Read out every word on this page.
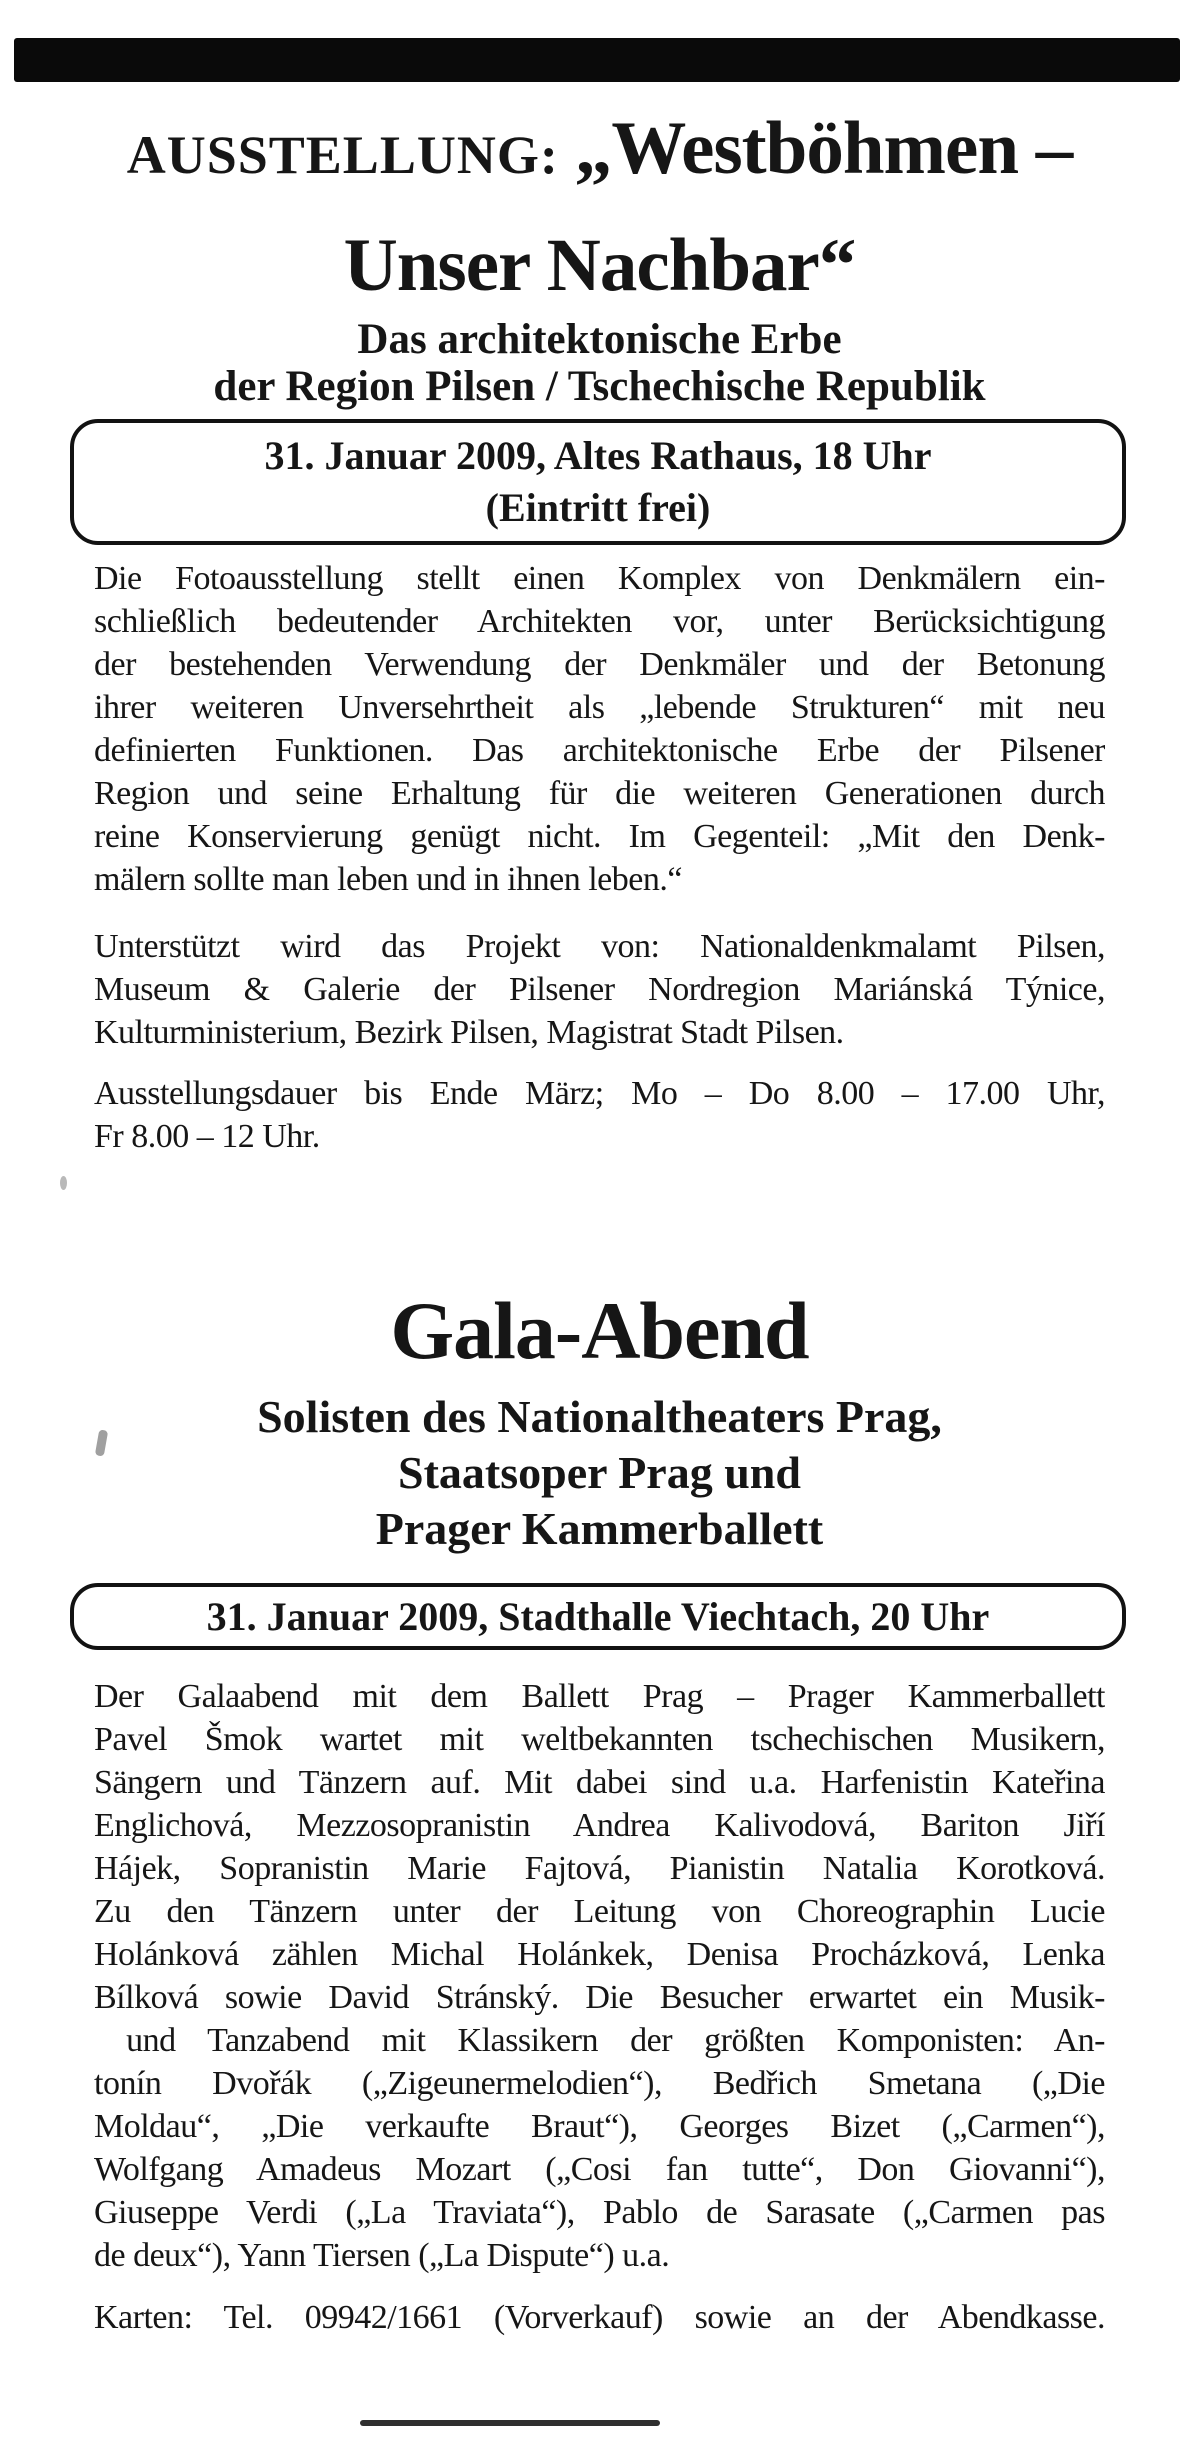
AUSSTELLUNG: „Westböhmen –
Unser Nachbar“
Das architektonische Erbe
der Region Pilsen / Tschechische Republik
31. Januar 2009, Altes Rathaus, 18 Uhr
(Eintritt frei)
Die Fotoausstellung stellt einen Komplex von Denkmälern ein-
schließlich bedeutender Architekten vor, unter Berücksichtigung
der bestehenden Verwendung der Denkmäler und der Betonung
ihrer weiteren Unversehrtheit als „lebende Strukturen“ mit neu
definierten Funktionen. Das architektonische Erbe der Pilsener
Region und seine Erhaltung für die weiteren Generationen durch
reine Konservierung genügt nicht. Im Gegenteil: „Mit den Denk-
mälern sollte man leben und in ihnen leben.“
Unterstützt wird das Projekt von: Nationaldenkmalamt Pilsen,
Museum & Galerie der Pilsener Nordregion Mariánská Týnice,
Kulturministerium, Bezirk Pilsen, Magistrat Stadt Pilsen.
Ausstellungsdauer bis Ende März; Mo – Do 8.00 – 17.00 Uhr,
Fr 8.00 – 12 Uhr.
Gala-Abend
Solisten des Nationaltheaters Prag,
Staatsoper Prag und
Prager Kammerballett
31. Januar 2009, Stadthalle Viechtach, 20 Uhr
Der Galaabend mit dem Ballett Prag – Prager Kammerballett
Pavel Šmok wartet mit weltbekannten tschechischen Musikern,
Sängern und Tänzern auf. Mit dabei sind u.a. Harfenistin Kateřina
Englichová, Mezzosopranistin Andrea Kalivodová, Bariton Jiří
Hájek, Sopranistin Marie Fajtová, Pianistin Natalia Korotková.
Zu den Tänzern unter der Leitung von Choreographin Lucie
Holánková zählen Michal Holánkek, Denisa Procházková, Lenka
Bílková sowie David Stránský. Die Besucher erwartet ein Musik-
und Tanzabend mit Klassikern der größten Komponisten: An-
tonín Dvořák („Zigeunermelodien“), Bedřich Smetana („Die
Moldau“, „Die verkaufte Braut“), Georges Bizet („Carmen“),
Wolfgang Amadeus Mozart („Cosi fan tutte“, Don Giovanni“),
Giuseppe Verdi („La Traviata“), Pablo de Sarasate („Carmen pas
de deux“), Yann Tiersen („La Dispute“) u.a.
Karten: Tel. 09942/1661 (Vorverkauf) sowie an der Abendkasse.
